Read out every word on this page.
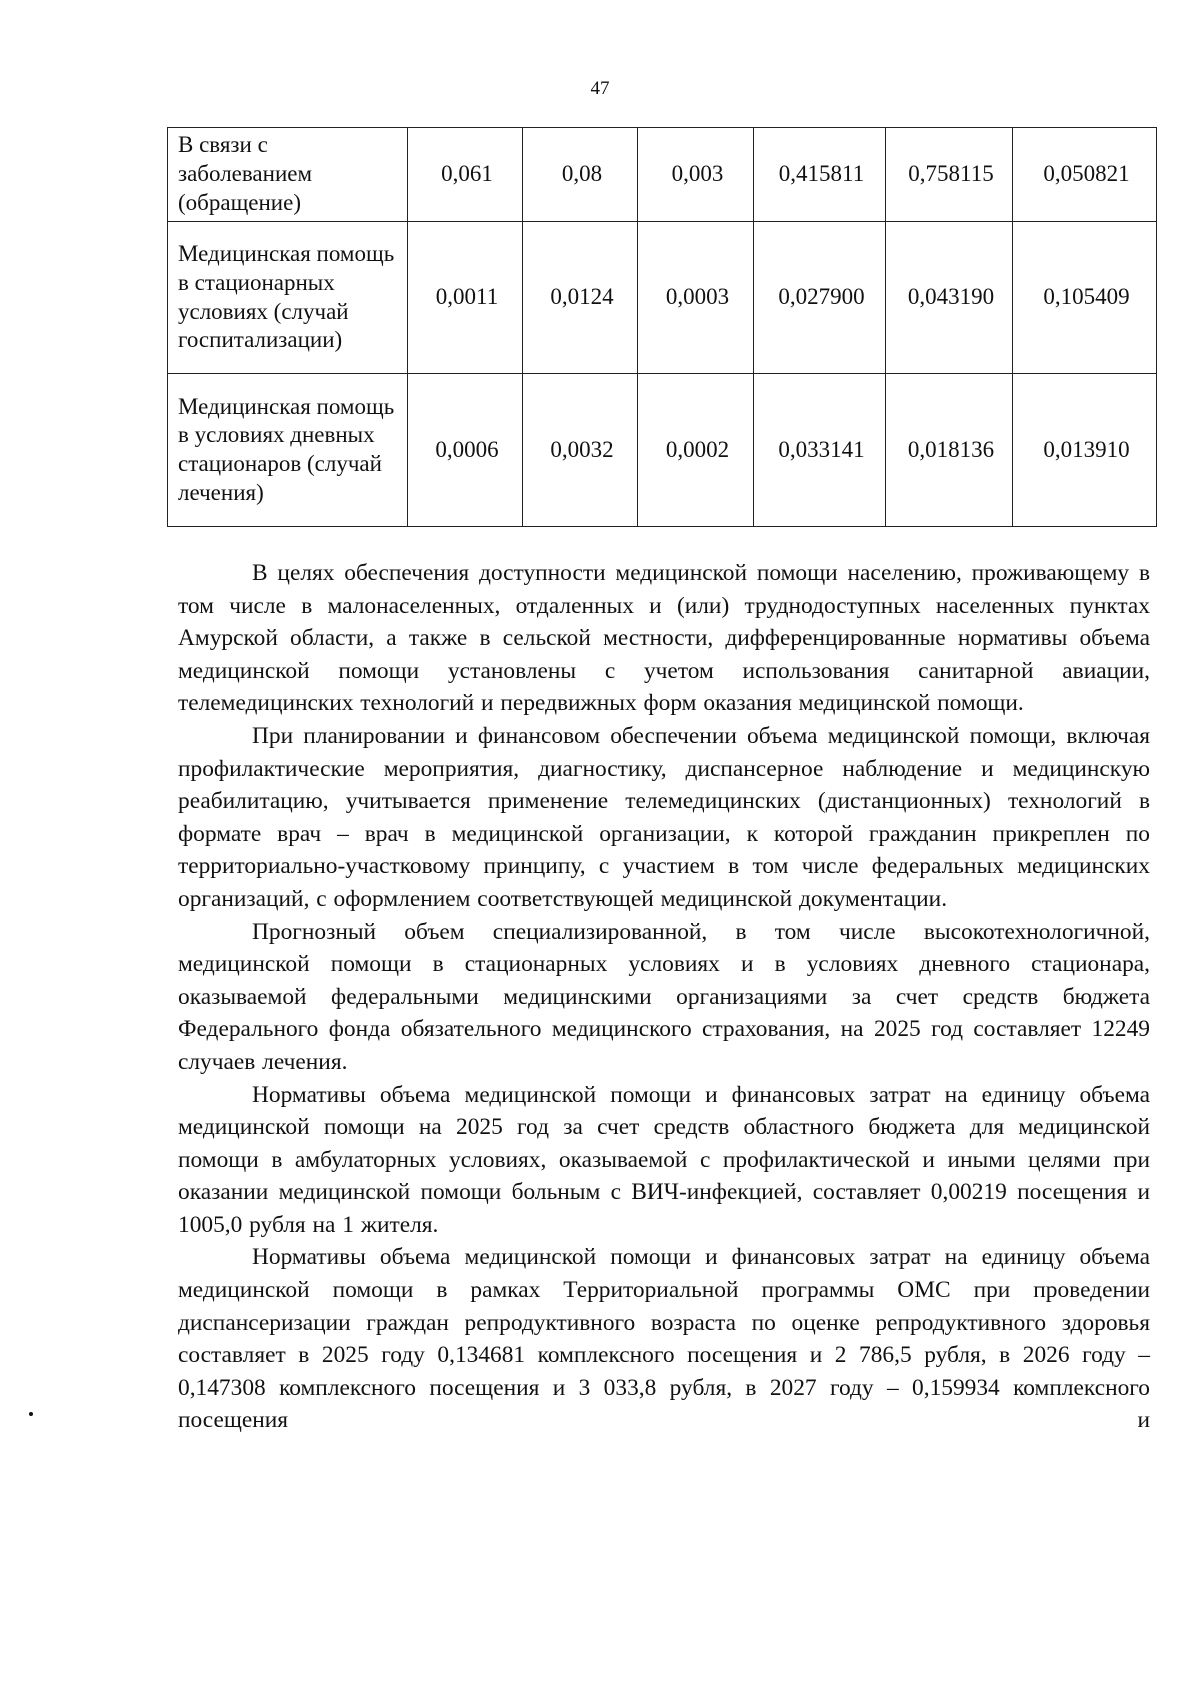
47
В связи с заболеванием (обращение)	0,061	0,08	0,003	0,415811	0,758115	0,050821
Медицинская помощь в стационарных условиях (случай госпитализации)	0,0011	0,0124	0,0003	0,027900	0,043190	0,105409
Медицинская помощь в условиях дневных стационаров (случай лечения)	0,0006	0,0032	0,0002	0,033141	0,018136	0,013910

В целях обеспечения доступности медицинской помощи населению, проживающему в том числе в малонаселенных, отдаленных и (или) труднодоступных населенных пунктах Амурской области, а также в сельской местности, дифференцированные нормативы объема медицинской помощи установлены с учетом использования санитарной авиации, телемедицинских технологий и передвижных форм оказания медицинской помощи.

При планировании и финансовом обеспечении объема медицинской помощи, включая профилактические мероприятия, диагностику, диспансерное наблюдение и медицинскую реабилитацию, учитывается применение телемедицинских (дистанционных) технологий в формате врач – врач в медицинской организации, к которой гражданин прикреплен по территориально-участковому принципу, с участием в том числе федеральных медицинских организаций, с оформлением соответствующей медицинской документации.

Прогнозный объем специализированной, в том числе высокотехнологичной, медицинской помощи в стационарных условиях и в условиях дневного стационара, оказываемой федеральными медицинскими организациями за счет средств бюджета Федерального фонда обязательного медицинского страхования, на 2025 год составляет 12249 случаев лечения.

Нормативы объема медицинской помощи и финансовых затрат на единицу объема медицинской помощи на 2025 год за счет средств областного бюджета для медицинской помощи в амбулаторных условиях, оказываемой с профилактической и иными целями при оказании медицинской помощи больным с ВИЧ-инфекцией, составляет 0,00219 посещения и 1005,0 рубля на 1 жителя.

Нормативы объема медицинской помощи и финансовых затрат на единицу объема медицинской помощи в рамках Территориальной программы ОМС при проведении диспансеризации граждан репродуктивного возраста по оценке репродуктивного здоровья составляет в 2025 году 0,134681 комплексного посещения и 2 786,5 рубля, в 2026 году – 0,147308 комплексного посещения и 3 033,8 рубля, в 2027 году – 0,159934 комплексного посещения и
